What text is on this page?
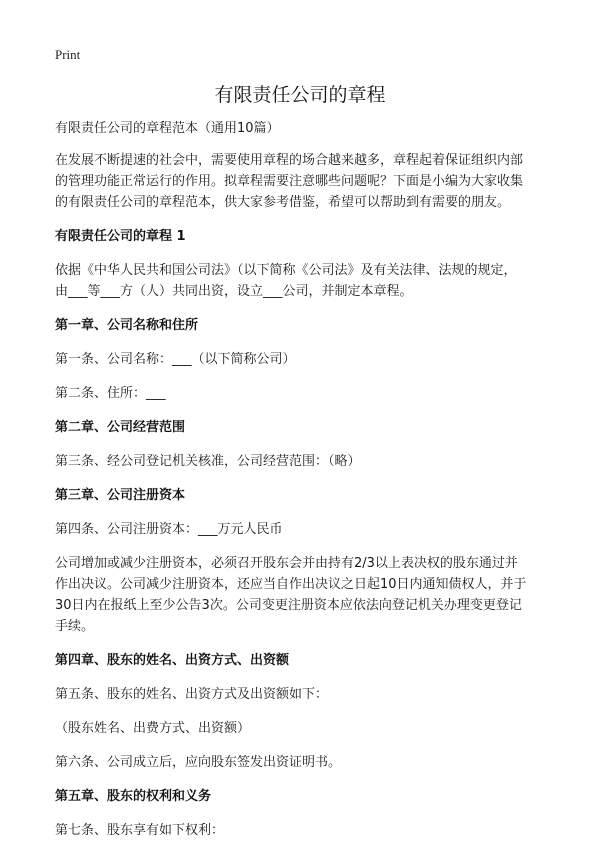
Print
有限责任公司的章程

有限责任公司的章程范本（通用10篇）

在发展不断提速的社会中，需要使用章程的场合越来越多，章程起着保证组织内部

的管理功能正常运行的作用。拟章程需要注意哪些问题呢？下面是小编为大家收集

的有限责任公司的章程范本，供大家参考借鉴，希望可以帮助到有需要的朋友。

有限责任公司的章程 1

依据《中华人民共和国公司法》（以下简称《公司法》及有关法律、法规的规定，

由___等___方（人）共同出资，设立___公司，并制定本章程。

第一章、公司名称和住所

第一条、公司名称：___（以下简称公司）

第二条、住所：___

第二章、公司经营范围

第三条、经公司登记机关核准，公司经营范围：（略）

第三章、公司注册资本

第四条、公司注册资本：___万元人民币

公司增加或减少注册资本，必须召开股东会并由持有2/3以上表决权的股东通过并

作出决议。公司减少注册资本，还应当自作出决议之日起10日内通知债权人，并于

30日内在报纸上至少公告3次。公司变更注册资本应依法向登记机关办理变更登记

手续。

第四章、股东的姓名、出资方式、出资额

第五条、股东的姓名、出资方式及出资额如下：

（股东姓名、出费方式、出资额）

第六条、公司成立后，应向股东签发出资证明书。

第五章、股东的权利和义务

第七条、股东享有如下权利：
